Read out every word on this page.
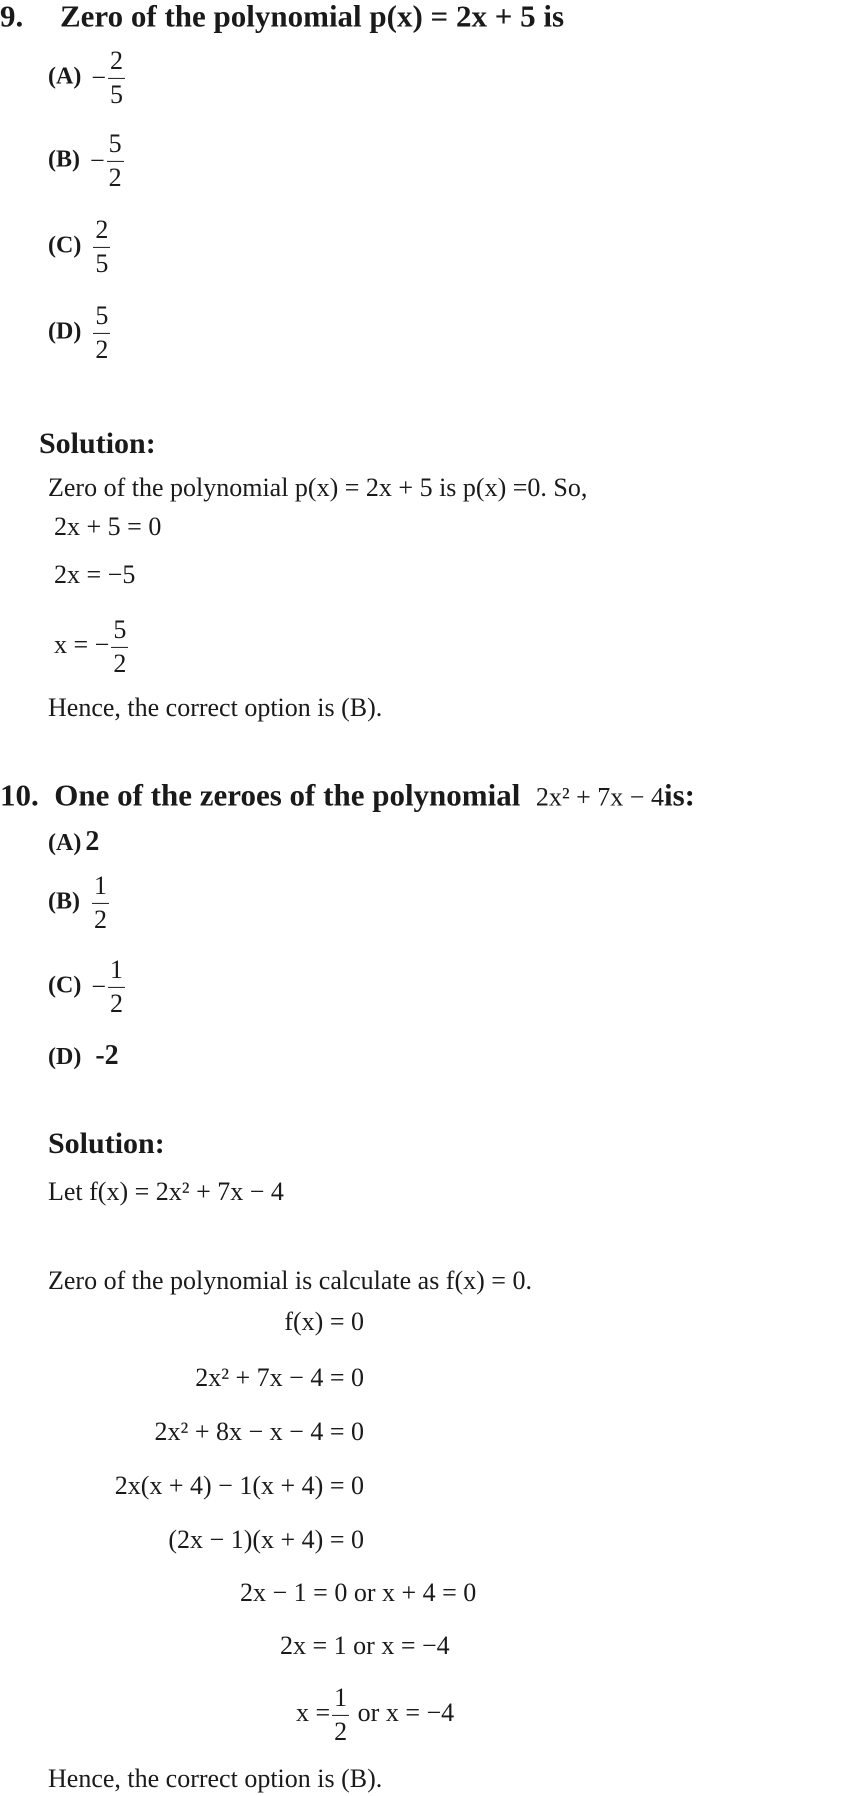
9. Zero of the polynomial p(x) = 2x + 5 is
$(A) - \frac{2}{5}$
$(B) - \frac{5}{2}$
$(C) \frac{2}{5}$
$(D) \frac{5}{2}$
Solution:
Zero of the polynomial p(x) = 2x + 5 is p(x) =0. So,
2x + 5 = 0
2x = −5
x = − $\frac{5}{2}$
Hence, the correct option is (B).
10. One of the zeroes of the polynomial 2x² + 7x − 4is:
(A) 2
$(B) \frac{1}{2}$
$(C) - \frac{1}{2}$
(D) -2
Solution:
Let f(x) = 2x² + 7x − 4
Zero of the polynomial is calculate as f(x) = 0.
f(x) = 0
2x² + 7x − 4 = 0
2x² + 8x − x − 4 = 0
2x(x + 4) − 1(x + 4) = 0
(2x − 1)(x + 4) = 0
2x − 1 = 0 or x + 4 = 0
2x = 1 or x = −4
$x = \frac{1}{2}$ or x = −4
Hence, the correct option is (B).
